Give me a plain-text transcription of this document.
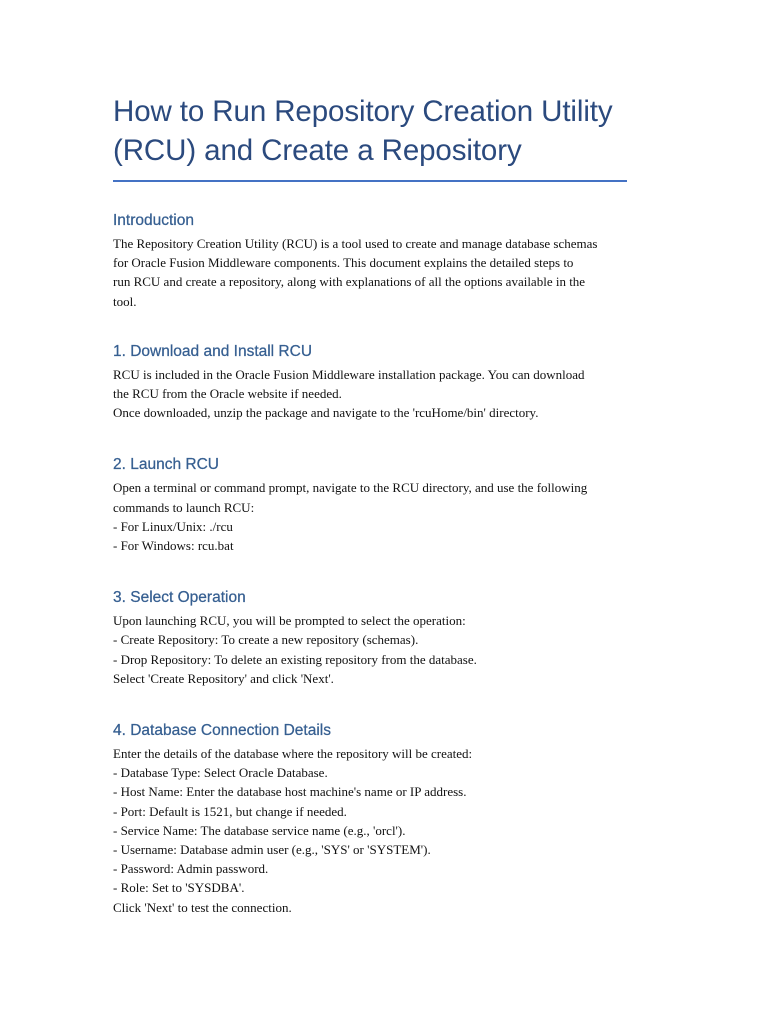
How to Run Repository Creation Utility
(RCU) and Create a Repository
Introduction

The Repository Creation Utility (RCU) is a tool used to create and manage database schemas
for Oracle Fusion Middleware components. This document explains the detailed steps to
run RCU and create a repository, along with explanations of all the options available in the
tool.

1. Download and Install RCU

RCU is included in the Oracle Fusion Middleware installation package. You can download
the RCU from the Oracle website if needed.
Once downloaded, unzip the package and navigate to the 'rcuHome/bin' directory.

2. Launch RCU

Open a terminal or command prompt, navigate to the RCU directory, and use the following
commands to launch RCU:
- For Linux/Unix: ./rcu
- For Windows: rcu.bat

3. Select Operation

Upon launching RCU, you will be prompted to select the operation:
- Create Repository: To create a new repository (schemas).
- Drop Repository: To delete an existing repository from the database.
Select 'Create Repository' and click 'Next'.

4. Database Connection Details

Enter the details of the database where the repository will be created:
- Database Type: Select Oracle Database.
- Host Name: Enter the database host machine's name or IP address.
- Port: Default is 1521, but change if needed.
- Service Name: The database service name (e.g., 'orcl').
- Username: Database admin user (e.g., 'SYS' or 'SYSTEM').
- Password: Admin password.
- Role: Set to 'SYSDBA'.
Click 'Next' to test the connection.
